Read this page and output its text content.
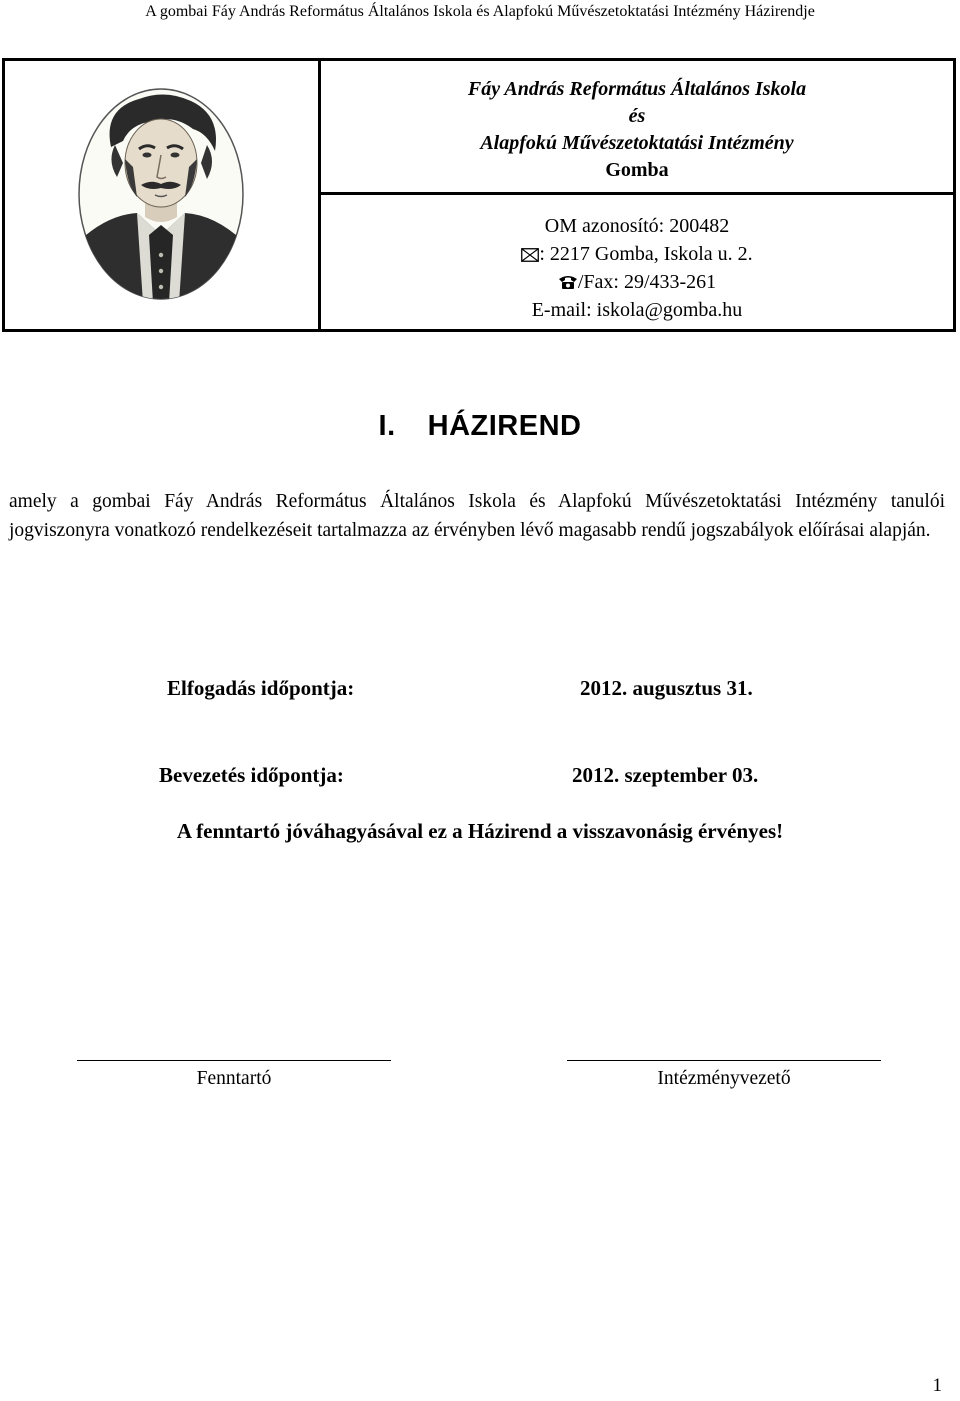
A gombai Fáy András Református Általános Iskola és Alapfokú Művészetoktatási Intézmény Házirendje
Fáy András Református Általános Iskola
és
Alapfokú Művészetoktatási Intézmény
Gomba
OM azonosító: 200482
: 2217 Gomba, Iskola u. 2.
/Fax: 29/433-261
E-mail: iskola@gomba.hu
I. HÁZIREND
amely a gombai Fáy András Református Általános Iskola és Alapfokú Művészetoktatási Intézmény tanulói jogviszonyra vonatkozó rendelkezéseit tartalmazza az érvényben lévő magasabb rendű jogszabályok előírásai alapján.
Elfogadás időpontja:	2012. augusztus 31.
Bevezetés időpontja:	2012. szeptember 03.
A fenntartó jóváhagyásával ez a Házirend a visszavonásig érvényes!
Fenntartó	Intézményvezető
1
